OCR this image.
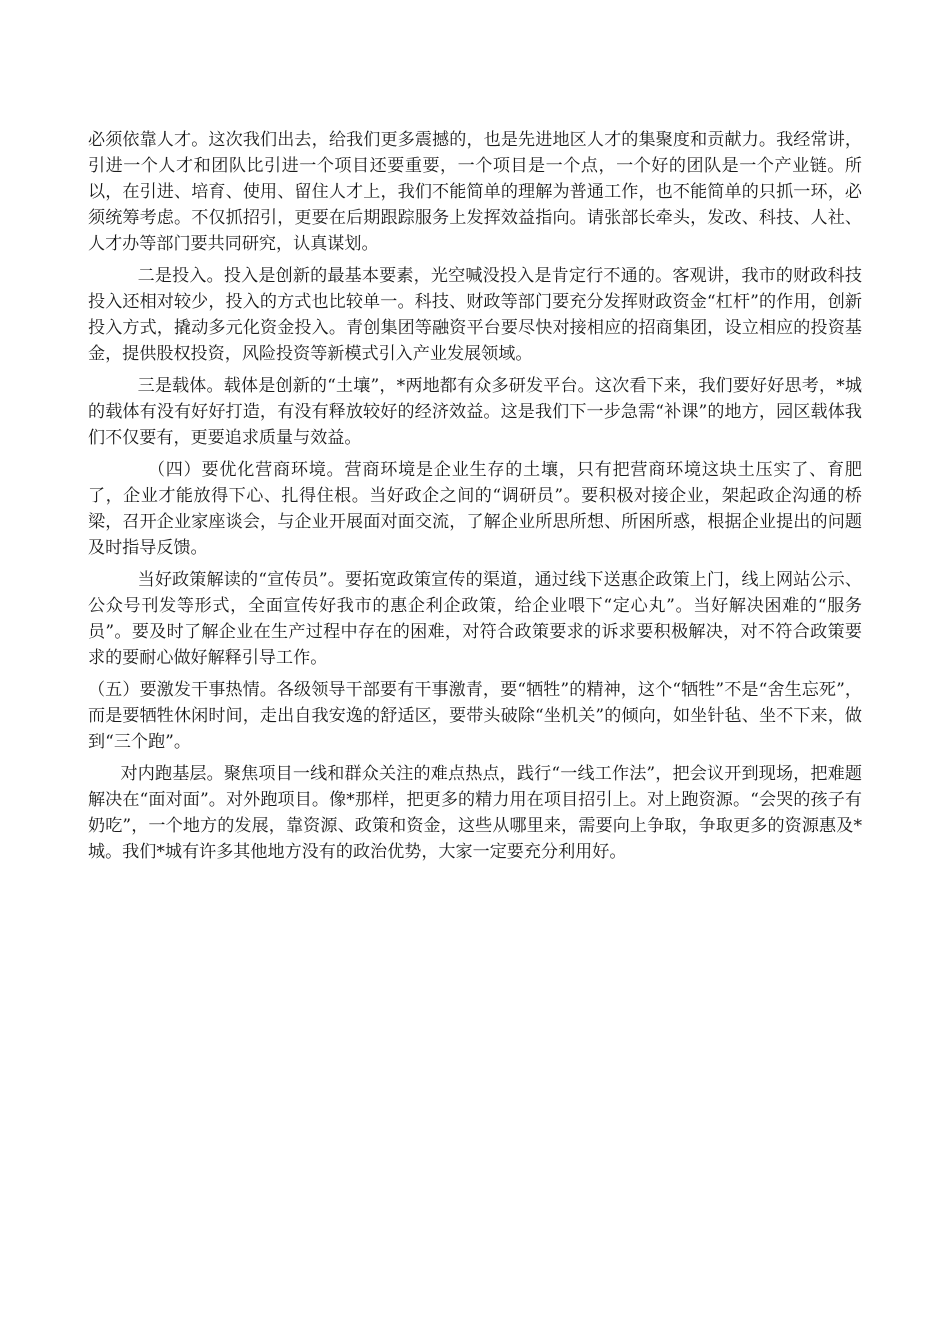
必须依靠人才。这次我们出去，给我们更多震撼的，也是先进地区人才的集聚度和贡献力。我经常讲，引进一个人才和团队比引进一个项目还要重要，一个项目是一个点，一个好的团队是一个产业链。所以，在引进、培育、使用、留住人才上，我们不能简单的理解为普通工作，也不能简单的只抓一环，必须统筹考虑。不仅抓招引，更要在后期跟踪服务上发挥效益指向。请张部长牵头，发改、科技、人社、人才办等部门要共同研究，认真谋划。

二是投入。投入是创新的最基本要素，光空喊没投入是肯定行不通的。客观讲，我市的财政科技投入还相对较少，投入的方式也比较单一。科技、财政等部门要充分发挥财政资金“杠杆”的作用，创新投入方式，撬动多元化资金投入。青创集团等融资平台要尽快对接相应的招商集团，设立相应的投资基金，提供股权投资，风险投资等新模式引入产业发展领域。

三是载体。载体是创新的“土壤”，*两地都有众多研发平台。这次看下来，我们要好好思考，*城的载体有没有好好打造，有没有释放较好的经济效益。这是我们下一步急需“补课”的地方，园区载体我们不仅要有，更要追求质量与效益。

（四）要优化营商环境。营商环境是企业生存的土壤，只有把营商环境这块土压实了、育肥了，企业才能放得下心、扎得住根。当好政企之间的“调研员”。要积极对接企业，架起政企沟通的桥梁，召开企业家座谈会，与企业开展面对面交流，了解企业所思所想、所困所惑，根据企业提出的问题及时指导反馈。

当好政策解读的“宣传员”。要拓宽政策宣传的渠道，通过线下送惠企政策上门，线上网站公示、公众号刊发等形式，全面宣传好我市的惠企利企政策，给企业喂下“定心丸”。当好解决困难的“服务员”。要及时了解企业在生产过程中存在的困难，对符合政策要求的诉求要积极解决，对不符合政策要求的要耐心做好解释引导工作。

（五）要激发干事热情。各级领导干部要有干事激青，要“牺牲”的精神，这个“牺牲”不是“舍生忘死”，而是要牺牲休闲时间，走出自我安逸的舒适区，要带头破除“坐机关”的倾向，如坐针毡、坐不下来，做到“三个跑”。

对内跑基层。聚焦项目一线和群众关注的难点热点，践行“一线工作法”，把会议开到现场，把难题解决在“面对面”。对外跑项目。像*那样，把更多的精力用在项目招引上。对上跑资源。“会哭的孩子有奶吃”，一个地方的发展，靠资源、政策和资金，这些从哪里来，需要向上争取，争取更多的资源惠及*城。我们*城有许多其他地方没有的政治优势，大家一定要充分利用好。
